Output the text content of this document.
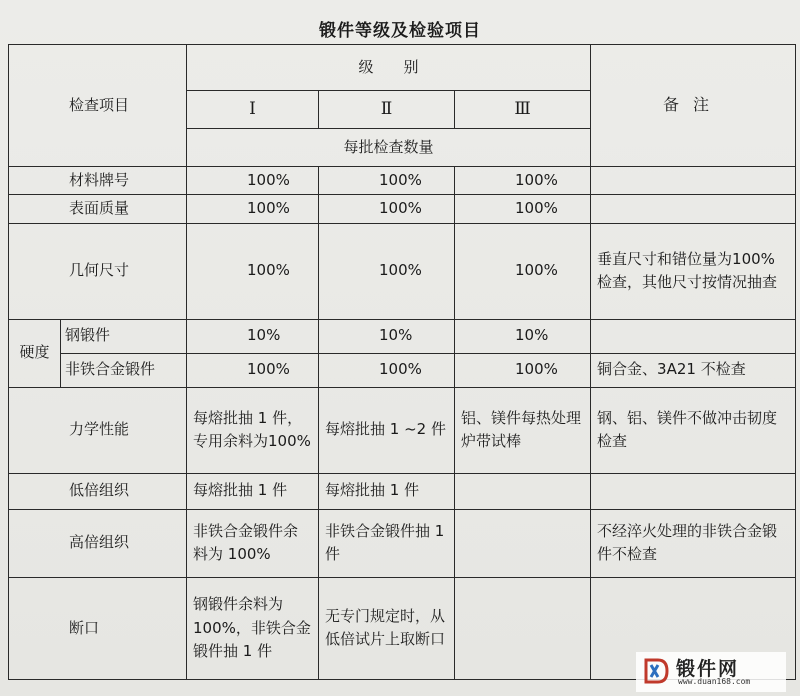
锻件等级及检验项目
检查项目		级　　别			备注
		Ⅰ	Ⅱ	Ⅲ	
		每批检查数量			
材料牌号		100%	100%	100%	
表面质量		100%	100%	100%	
几何尺寸		100%	100%	100%	垂直尺寸和错位量为100%检查，其他尺寸按情况抽查
硬度	钢锻件	10%	10%	10%	
	非铁合金锻件	100%	100%	100%	铜合金、3A21 不检查
力学性能		每熔批抽 1 件，专用余料为100%	每熔批抽 1 ~2 件	铝、镁件每热处理炉带试棒	钢、铝、镁件不做冲击韧度检查
低倍组织		每熔批抽 1 件	每熔批抽 1 件		
高倍组织		非铁合金锻件余料为 100%	非铁合金锻件抽 1 件		不经淬火处理的非铁合金锻件不检查
断口		钢锻件余料为100%，非铁合金锻件抽 1 件	无专门规定时，从低倍试片上取断口		
锻件网
www.duan168.com
